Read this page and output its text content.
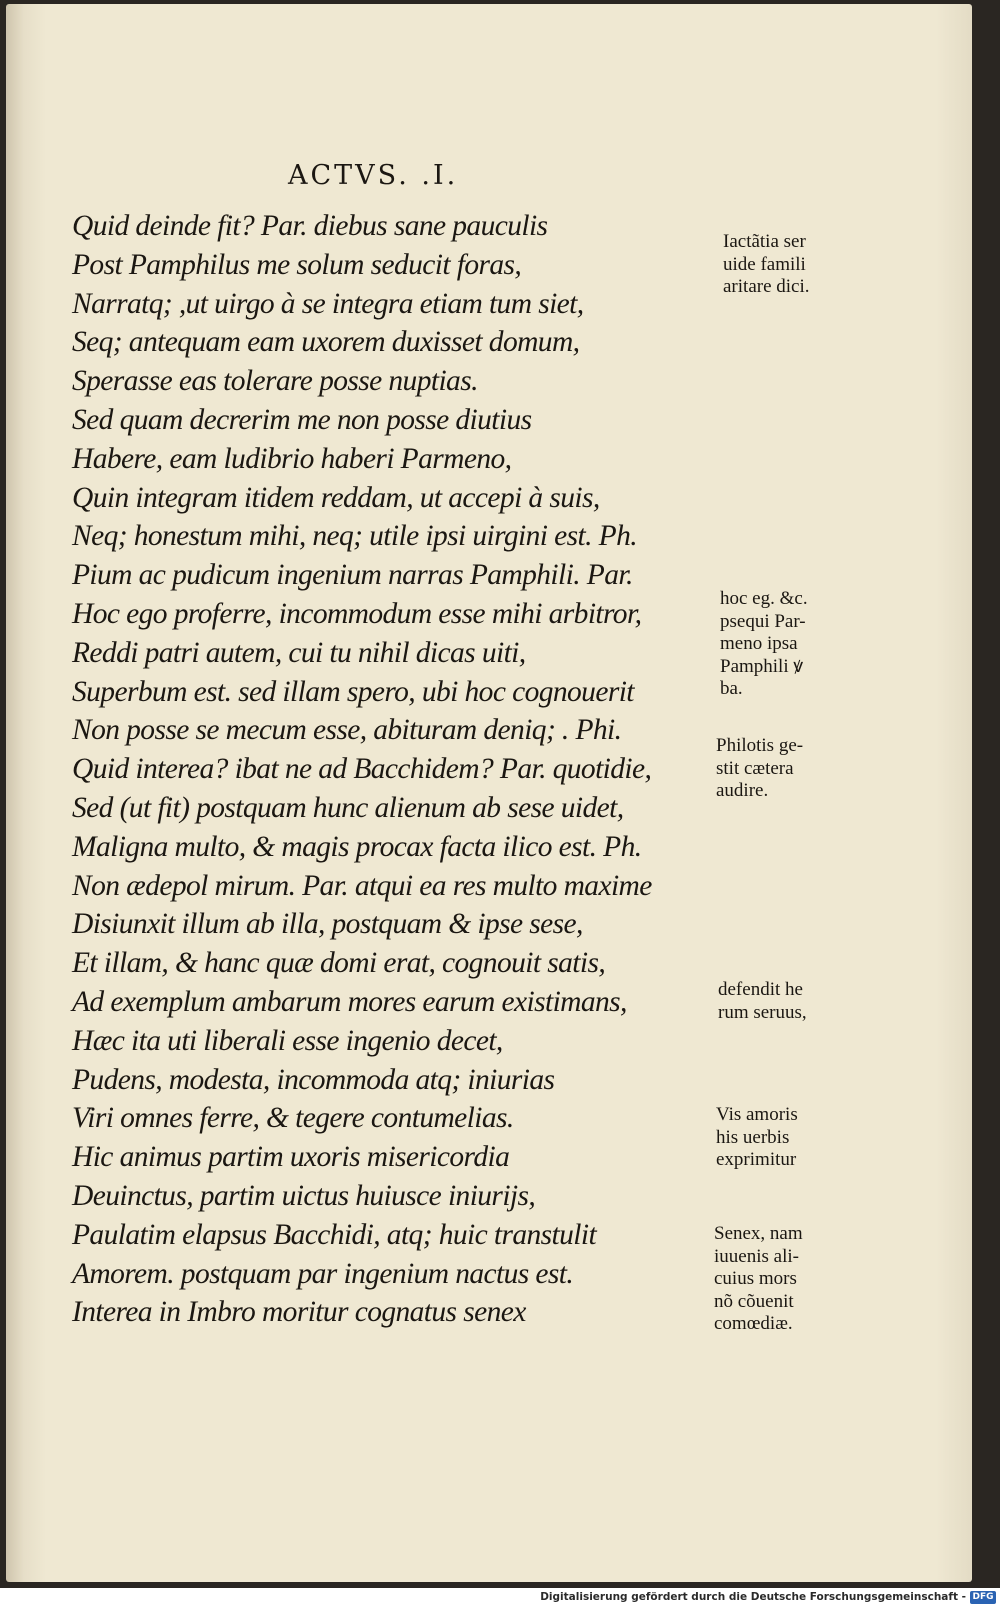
ACTVS. .I.
Quid deinde fit? Par. diebus sane pauculis
Post Pamphilus me solum seducit foras,
Narratq; ,ut uirgo à se integra etiam tum siet,
Seq; antequam eam uxorem duxisset domum,
Sperasse eas tolerare posse nuptias.
Sed quam decrerim me non posse diutius
Habere, eam ludibrio haberi Parmeno,
Quin integram itidem reddam, ut accepi à suis,
Neq; honestum mihi, neq; utile ipsi uirgini est. Ph.
Pium ac pudicum ingenium narras Pamphili. Par.
Hoc ego proferre, incommodum esse mihi arbitror,
Reddi patri autem, cui tu nihil dicas uiti,
Superbum est. sed illam spero, ubi hoc cognouerit
Non posse se mecum esse, abituram deniq; . Phi.
Quid interea? ibat ne ad Bacchidem? Par. quotidie,
Sed (ut fit) postquam hunc alienum ab sese uidet,
Maligna multo, & magis procax facta ilico est. Ph.
Non ædepol mirum. Par. atqui ea res multo maxime
Disiunxit illum ab illa, postquam & ipse sese,
Et illam, & hanc quæ domi erat, cognouit satis,
Ad exemplum ambarum mores earum existimans,
Hæc ita uti liberali esse ingenio decet,
Pudens, modesta, incommoda atq; iniurias
Viri omnes ferre, & tegere contumelias.
Hic animus partim uxoris misericordia
Deuinctus, partim uictus huiusce iniurijs,
Paulatim elapsus Bacchidi, atq; huic transtulit
Amorem. postquam par ingenium nactus est.
Interea in Imbro moritur cognatus senex
Iactãtia ser
uide famili
aritare dici.
hoc eg. &c.
psequi Par-
meno ipsa
Pamphili ꝟ
ba.
Philotis ge-
stit cætera
audire.
defendit he
rum seruus,
Vis amoris
his uerbis
exprimitur
Senex, nam
iuuenis ali-
cuius mors
nõ cõuenit
comœdiæ.
Digitalisierung gefördert durch die Deutsche Forschungsgemeinschaft - DFG
